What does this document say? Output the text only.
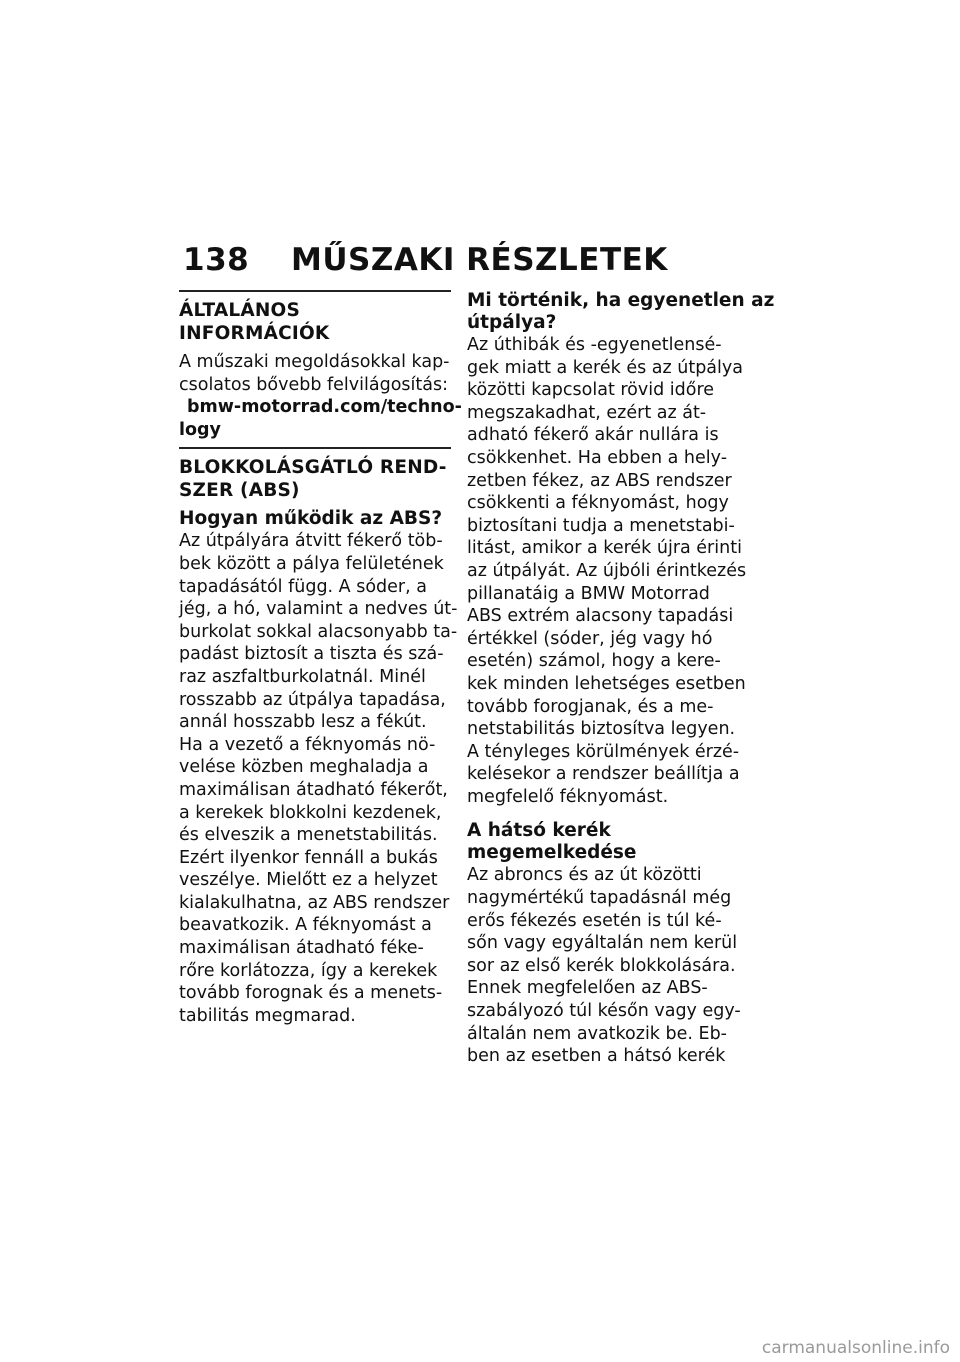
138 MŰSZAKI RÉSZLETEK
ÁLTALÁNOS INFORMÁCIÓK
A műszaki megoldásokkal kap-
csolatos bővebb felvilágosítás:
bmw-motorrad.com/techno-
logy
BLOKKOLÁSGÁTLÓ REND-
SZER (ABS)
Hogyan működik az ABS?
Az útpályára átvitt fékerő töb-
bek között a pálya felületének
tapadásától függ. A sóder, a
jég, a hó, valamint a nedves út-
burkolat sokkal alacsonyabb ta-
padást biztosít a tiszta és szá-
raz aszfaltburkolatnál. Minél
rosszabb az útpálya tapadása,
annál hosszabb lesz a fékút.
Ha a vezető a féknyomás nö-
velése közben meghaladja a
maximálisan átadható fékerőt,
a kerekek blokkolni kezdenek,
és elveszik a menetstabilitás.
Ezért ilyenkor fennáll a bukás
veszélye. Mielőtt ez a helyzet
kialakulhatna, az ABS rendszer
beavatkozik. A féknyomást a
maximálisan átadható féke-
rőre korlátozza, így a kerekek
tovább forognak és a menets-
tabilitás megmarad.
Mi történik, ha egyenetlen az
útpálya?
Az úthibák és -egyenetlensé-
gek miatt a kerék és az útpálya
közötti kapcsolat rövid időre
megszakadhat, ezért az át-
adható fékerő akár nullára is
csökkenhet. Ha ebben a hely-
zetben fékez, az ABS rendszer
csökkenti a féknyomást, hogy
biztosítani tudja a menetstabi-
litást, amikor a kerék újra érinti
az útpályát. Az újbóli érintkezés
pillanatáig a BMW Motorrad
ABS extrém alacsony tapadási
értékkel (sóder, jég vagy hó
esetén) számol, hogy a kere-
kek minden lehetséges esetben
tovább forogjanak, és a me-
netstabilitás biztosítva legyen.
A tényleges körülmények érzé-
kelésekor a rendszer beállítja a
megfelelő féknyomást.
A hátsó kerék
megemelkedése
Az abroncs és az út közötti
nagymértékű tapadásnál még
erős fékezés esetén is túl ké-
sőn vagy egyáltalán nem kerül
sor az első kerék blokkolására.
Ennek megfelelően az ABS-
szabályozó túl későn vagy egy-
általán nem avatkozik be. Eb-
ben az esetben a hátsó kerék
carmanualsonline.info
